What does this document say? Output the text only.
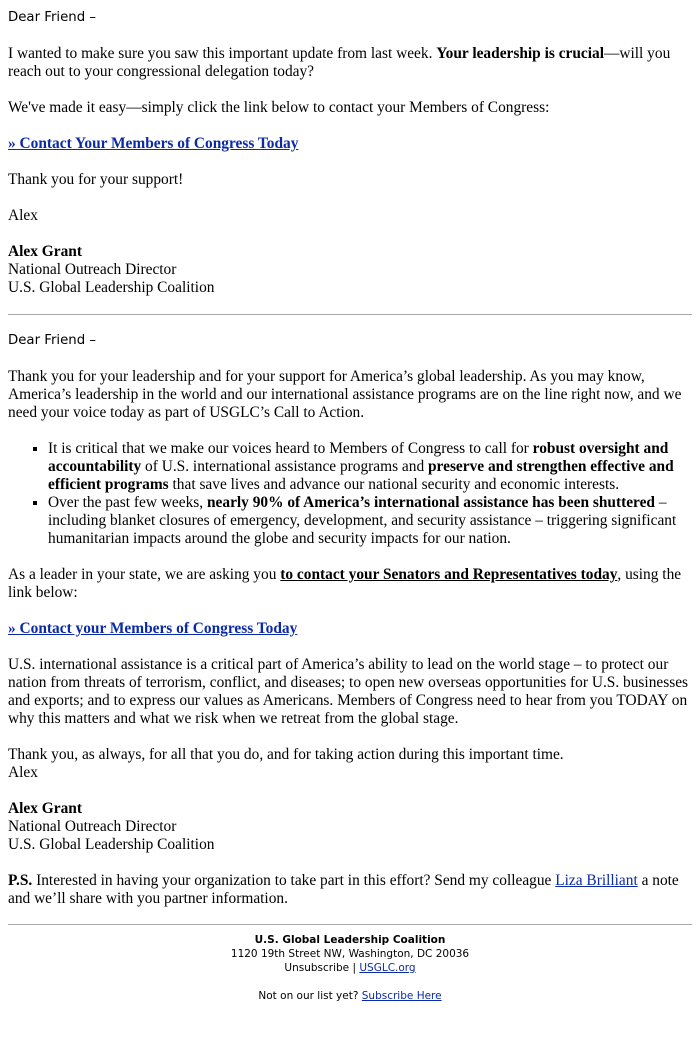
Dear Friend –

I wanted to make sure you saw this important update from last week. Your leadership is crucial—will you reach out to your congressional delegation today?

We've made it easy—simply click the link below to contact your Members of Congress:

» Contact Your Members of Congress Today

Thank you for your support!

Alex

Alex Grant

National Outreach Director

U.S. Global Leadership Coalition

Dear Friend –

Thank you for your leadership and for your support for America’s global leadership. As you may know, America’s leadership in the world and our international assistance programs are on the line right now, and we need your voice today as part of USGLC’s Call to Action.

▪ It is critical that we make our voices heard to Members of Congress to call for robust oversight and accountability of U.S. international assistance programs and preserve and strengthen effective and efficient programs that save lives and advance our national security and economic interests.
▪ Over the past few weeks, nearly 90% of America’s international assistance has been shuttered – including blanket closures of emergency, development, and security assistance – triggering significant humanitarian impacts around the globe and security impacts for our nation.

As a leader in your state, we are asking you to contact your Senators and Representatives today, using the link below:

» Contact your Members of Congress Today

U.S. international assistance is a critical part of America’s ability to lead on the world stage – to protect our nation from threats of terrorism, conflict, and diseases; to open new overseas opportunities for U.S. businesses and exports; and to express our values as Americans. Members of Congress need to hear from you TODAY on why this matters and what we risk when we retreat from the global stage.

Thank you, as always, for all that you do, and for taking action during this important time.

Alex

Alex Grant

National Outreach Director

U.S. Global Leadership Coalition

P.S. Interested in having your organization to take part in this effort? Send my colleague Liza Brilliant a note and we’ll share with you partner information.

U.S. Global Leadership Coalition

1120 19th Street NW, Washington, DC 20036

Unsubscribe | USGLC.org

Not on our list yet? Subscribe Here
